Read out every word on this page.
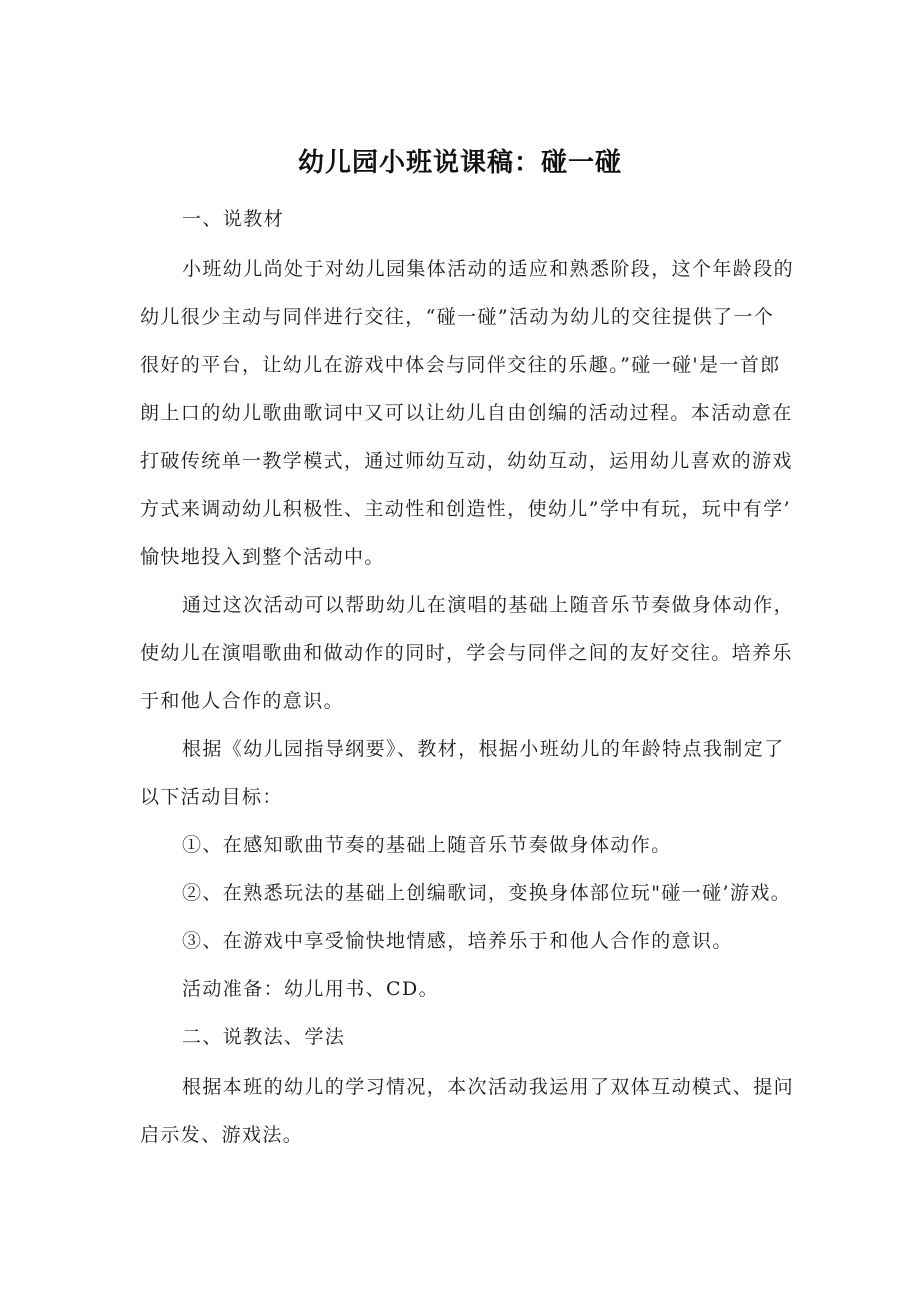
幼儿园小班说课稿：碰一碰

一、说教材

小班幼儿尚处于对幼儿园集体活动的适应和熟悉阶段，这个年龄段的

幼儿很少主动与同伴进行交往，“碰一碰”活动为幼儿的交往提供了一个

很好的平台，让幼儿在游戏中体会与同伴交往的乐趣。”碰一碰'是一首郎

朗上口的幼儿歌曲歌词中又可以让幼儿自由创编的活动过程。本活动意在

打破传统单一教学模式，通过师幼互动，幼幼互动，运用幼儿喜欢的游戏

方式来调动幼儿积极性、主动性和创造性，使幼儿”学中有玩，玩中有学’

愉快地投入到整个活动中。

通过这次活动可以帮助幼儿在演唱的基础上随音乐节奏做身体动作，

使幼儿在演唱歌曲和做动作的同时，学会与同伴之间的友好交往。培养乐

于和他人合作的意识。

根据《幼儿园指导纲要》、教材，根据小班幼儿的年龄特点我制定了

以下活动目标：

①、在感知歌曲节奏的基础上随音乐节奏做身体动作。

②、在熟悉玩法的基础上创编歌词，变换身体部位玩"碰一碰’游戏。

③、在游戏中享受愉快地情感，培养乐于和他人合作的意识。

活动准备：幼儿用书、CD。

二、说教法、学法

根据本班的幼儿的学习情况，本次活动我运用了双体互动模式、提问

启示发、游戏法。
